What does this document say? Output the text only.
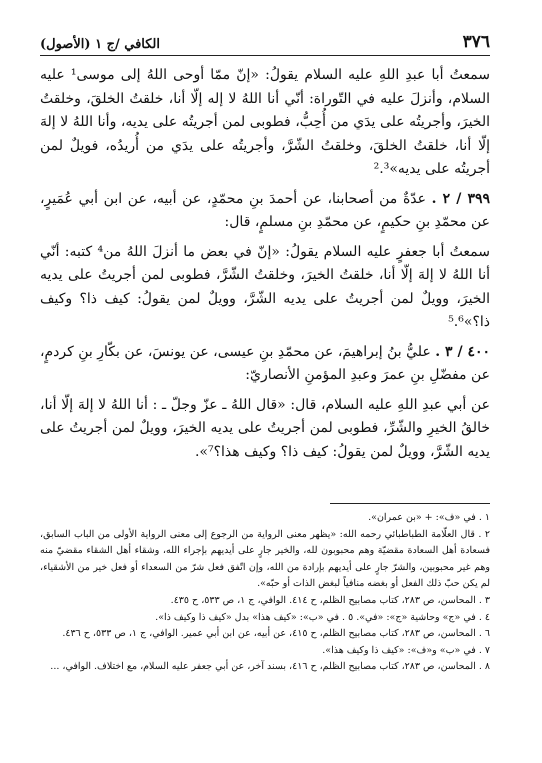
٣٧٦
الكافي /ج ١ (الأصول)

سمعتُ أبا عبدِ اللهِ عليه السلام يقولُ: «إنّ ممّا أوحى اللهُ إلى موسى¹ عليه السلام، وأنزلَ عليه في التّوراة: أنّي أنا اللهُ لا إله إلّا أنا، خلقتُ الخلقَ، وخلقتُ الخيرَ، وأجريتُه على يدَي من أُحِبُّ، فطوبى لمن أجريتُه على يديه، وأنا اللهُ لا إلهَ إلّا أنا، خلقتُ الخلقَ، وخلقتُ الشّرَّ، وأجريتُه على يدَي من أُريدُه، فويلٌ لمن أجريتُه على يديه»².³

٣٩٩ / ٢ . عدّةٌ من أصحابنا، عن أحمدَ بنِ محمّدٍ، عن أبيه، عن ابن أبي عُمَيرٍ، عن محمّدِ بنِ حكيمٍ، عن محمّدِ بنِ مسلمٍ، قال:

سمعتُ أبا جعفرٍ عليه السلام يقولُ: «إنّ في بعض ما أنزلَ اللهُ من⁴ كتبه: أنّي أنا اللهُ لا إلهَ إلّا أنا، خلقتُ الخيرَ، وخلقتُ الشّرَّ، فطوبى لمن أجريتُ على يديه الخيرَ، وويلٌ لمن أجريتُ على يديه الشّرَّ، وويلٌ لمن يقولُ: كيف ذا؟ وكيف ذا؟»⁵.⁶

٤٠٠ / ٣ . عليُّ بنُ إبراهيمَ، عن محمّدِ بنِ عيسى، عن يونسَ، عن بكّارِ بنِ كردمٍ، عن مفضّلِ بنِ عمرَ وعبدِ المؤمنِ الأنصاريّ:

عن أبي عبدِ اللهِ عليه السلام، قال: «قال اللهُ ـ عزّ وجلّ ـ : أنا اللهُ لا إلهَ إلّا أنا، خالقُ الخيرِ والشّرِّ، فطوبى لمن أجريتُ على يديه الخيرَ، وويلٌ لمن أجريتُ على يديه الشّرَّ، وويلٌ لمن يقولُ: كيف ذا؟ وكيف هذا؟⁷».

١ . في «ف»: + «بن عمران».

٢ . قال العلّامة الطباطبائي رحمه الله: «يظهر معنى الرواية من الرجوع إلى معنى الرواية الأولى من الباب السابق، فسعادة أهل السعادة مقضيّة وهم محبوبون لله، والخير جارٍ على أيديهم بإجراء الله، وشقاء أهل الشقاء مقضيّ منه وهم غير محبوبين، والشرّ جارٍ على أيديهم بإرادة من الله، وإن اتّفق فعل شرّ من السعداء أو فعل خير من الأشقياء، لم يكن حبّ ذلك الفعل أو بغضه منافياً لبغض الذات أو حبّه».

٣ . المحاسن، ص ٢٨٣، كتاب مصابيح الظلم، ح ٤١٤. الوافي، ج ١، ص ٥٣٣، ح ٤٣٥.

٤ . في «ج» وحاشية «ج»: «في». ٥ . في «ب»: «كيف هذا» بدل «كيف ذا وكيف ذا».

٦ . المحاسن، ص ٢٨٣، كتاب مصابيح الظلم، ح ٤١٥، عن أبيه، عن ابن أبي عمير. الوافي، ج ١، ص ٥٣٣، ح ٤٣٦.

٧ . في «ب» و«ف»: «كيف ذا وكيف هذا».

٨ . المحاسن، ص ٢٨٣، كتاب مصابيح الظلم، ح ٤١٦، بسند آخر، عن أبي جعفر عليه السلام، مع اختلاف. الوافي، ...
